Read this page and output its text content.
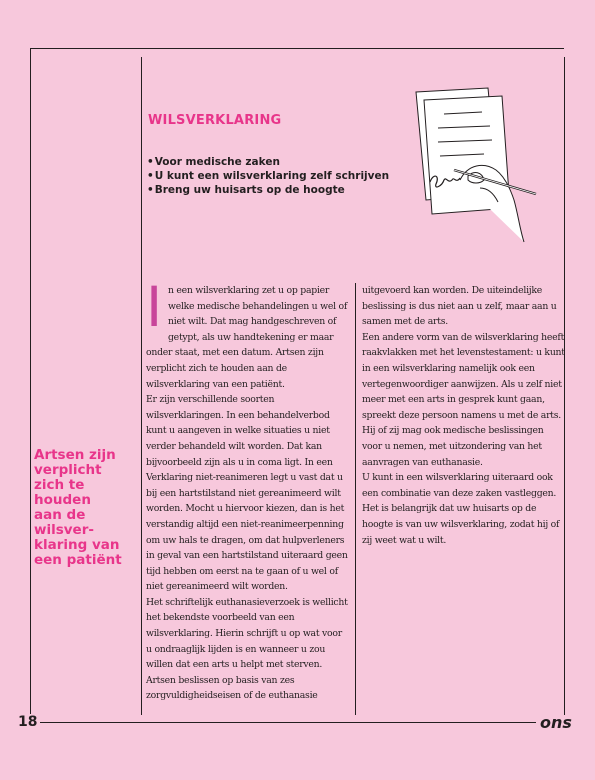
Artsen zijn
verplicht
zich te
houden
aan de
wilsver-
klaring van
een patiënt
WILSVERKLARING
• Voor medische zaken
• U kunt een wilsverklaring zelf schrijven
• Breng uw huisarts op de hoogte
I n een wilsverklaring zet u op papier welke medische behandelingen u wel of niet wilt. Dat mag handgeschreven of getypt, als uw handtekening er maar onder staat, met een datum. Artsen zijn verplicht zich te houden aan de wilsverklaring van een patiënt.

Er zijn verschillende soorten wilsverklaringen. In een behandelverbod kunt u aangeven in welke situaties u niet verder behandeld wilt worden. Dat kan bijvoorbeeld zijn als u in coma ligt. In een Verklaring niet-reanimeren legt u vast dat u bij een hartstilstand niet gereanimeerd wilt worden. Mocht u hiervoor kiezen, dan is het verstandig altijd een niet-reanimeerpenning om uw hals te dragen, om dat hulpverleners in geval van een hartstilstand uiteraard geen tijd hebben om eerst na te gaan of u wel of niet gereanimeerd wilt worden.

Het schriftelijk euthanasieverzoek is wellicht het bekendste voorbeeld van een wilsverklaring. Hierin schrijft u op wat voor u ondraaglijk lijden is en wanneer u zou willen dat een arts u helpt met sterven. Artsen beslissen op basis van zes zorgvuldigheidseisen of de euthanasie

uitgevoerd kan worden. De uiteindelijke beslissing is dus niet aan u zelf, maar aan u samen met de arts.

Een andere vorm van de wilsverklaring heeft raakvlakken met het levenstestament: u kunt in een wilsverklaring namelijk ook een vertegenwoordiger aanwijzen. Als u zelf niet meer met een arts in gesprek kunt gaan, spreekt deze persoon namens u met de arts. Hij of zij mag ook medische beslissingen voor u nemen, met uitzondering van het aanvragen van euthanasie.

U kunt in een wilsverklaring uiteraard ook een combinatie van deze zaken vastleggen. Het is belangrijk dat uw huisarts op de hoogte is van uw wilsverklaring, zodat hij of zij weet wat u wilt.

18	ons
